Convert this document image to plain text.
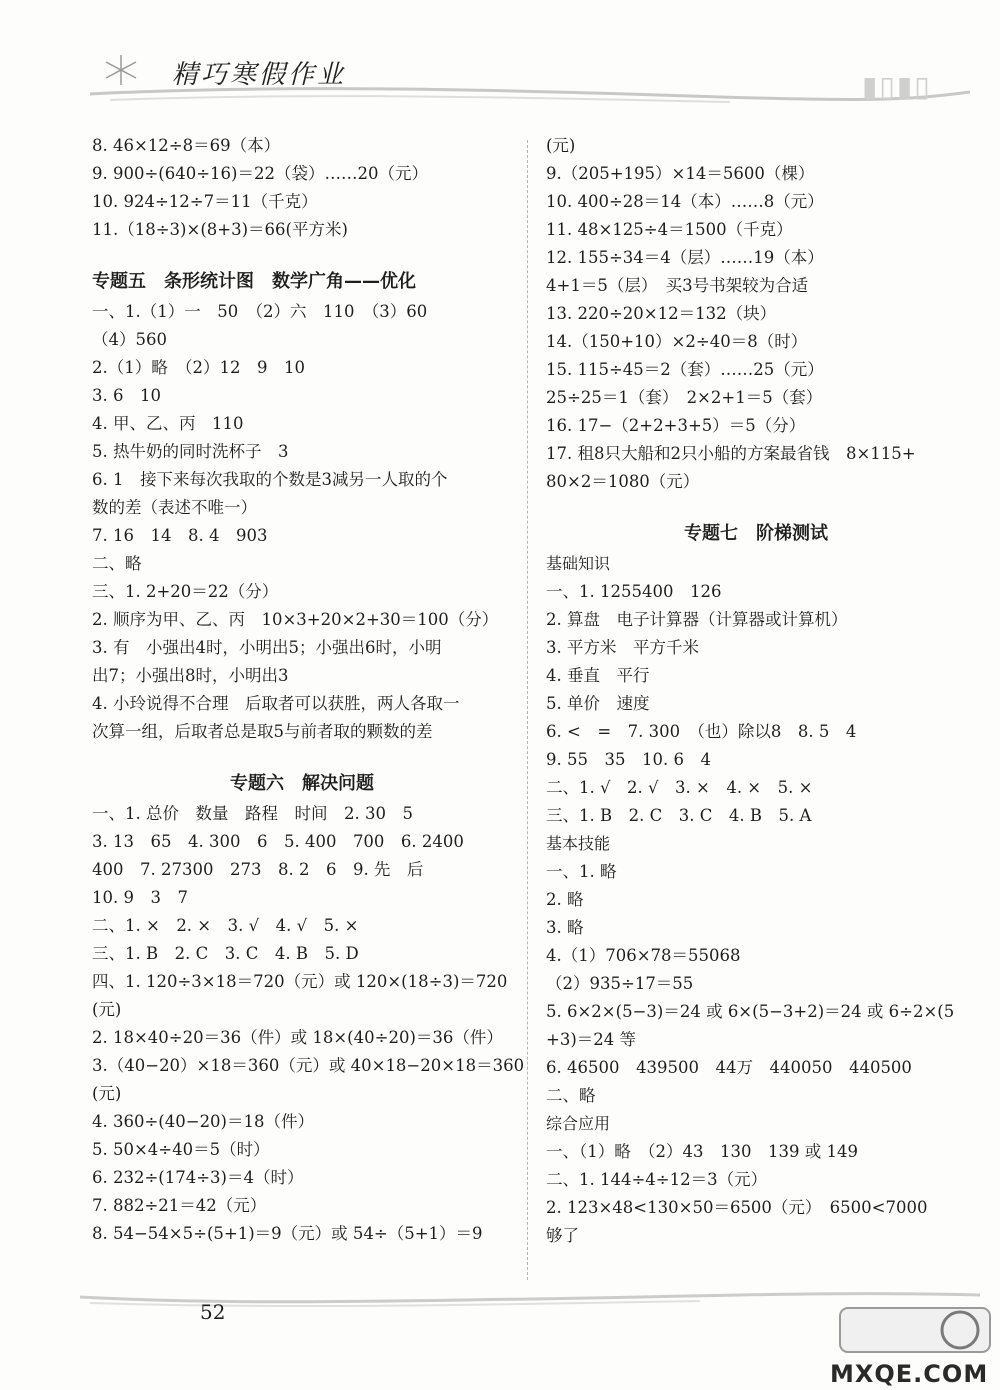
精巧寒假作业	▮▯▮▯
8. 46×12÷8＝69（本）
9. 900÷(640÷16)＝22（袋）……20（元）
10. 924÷12÷7＝11（千克）
11.（18÷3)×(8+3)＝66(平方米)
专题五　条形统计图　数学广角——优化
一、1.（1）一　50　（2）六　110　（3）60
（4）560
2.（1）略　（2）12　9　10
3. 6　10
4. 甲、乙、丙　110
5. 热牛奶的同时洗杯子　3
6. 1　接下来每次我取的个数是3减另一人取的个
数的差（表述不唯一）
7. 16　14　8. 4　903
二、略
三、1. 2+20＝22（分）
2. 顺序为甲、乙、丙　10×3+20×2+30＝100（分）
3. 有　小强出4时，小明出5；小强出6时，小明
出7；小强出8时，小明出3
4. 小玲说得不合理　后取者可以获胜，两人各取一
次算一组，后取者总是取5与前者取的颗数的差
专题六　解决问题
一、1. 总价　数量　路程　时间　2. 30　5
3. 13　65　4. 300　6　5. 400　700　6. 2400
400　7. 27300　273　8. 2　6　9. 先　后
10. 9　3　7
二、1. ×　2. ×　3. √　4. √　5. ×
三、1. B　2. C　3. C　4. B　5. D
四、1. 120÷3×18＝720（元）或 120×(18÷3)＝720
(元)
2. 18×40÷20＝36（件）或 18×(40÷20)＝36（件）
3.（40−20）×18＝360（元）或 40×18−20×18＝360
(元)
4. 360÷(40−20)＝18（件）
5. 50×4÷40＝5（时）
6. 232÷(174÷3)＝4（时）
7. 882÷21＝42（元）
8. 54−54×5÷(5+1)＝9（元）或 54÷（5+1）＝9
(元)
9.（205+195）×14＝5600（棵）
10. 400÷28＝14（本）……8（元）
11. 48×125÷4＝1500（千克）
12. 155÷34＝4（层）……19（本）
4+1＝5（层）　买3号书架较为合适
13. 220÷20×12＝132（块）
14.（150+10）×2÷40＝8（时）
15. 115÷45＝2（套）……25（元）
25÷25＝1（套）　2×2+1＝5（套）
16. 17−（2+2+3+5）＝5（分）
17. 租8只大船和2只小船的方案最省钱　8×115+
80×2＝1080（元）
专题七　阶梯测试
基础知识
一、1. 1255400　126
2. 算盘　电子计算器（计算器或计算机）
3. 平方米　平方千米
4. 垂直　平行
5. 单价　速度
6. <　=　7. 300　（也）除以8　8. 5　4
9. 55　35　10. 6　4
二、1. √　2. √　3. ×　4. ×　5. ×
三、1. B　2. C　3. C　4. B　5. A
基本技能
一、1. 略
2. 略
3. 略
4.（1）706×78＝55068
（2）935÷17＝55
5. 6×2×(5−3)＝24 或 6×(5−3+2)＝24 或 6÷2×(5
+3)＝24 等
6. 46500　439500　44万　440050　440500
二、略
综合应用
一、（1）略　（2）43　130　139 或 149
二、1. 144÷4÷12＝3（元）
2. 123×48<130×50＝6500（元）　6500<7000
够了
52
MXQE.COM
